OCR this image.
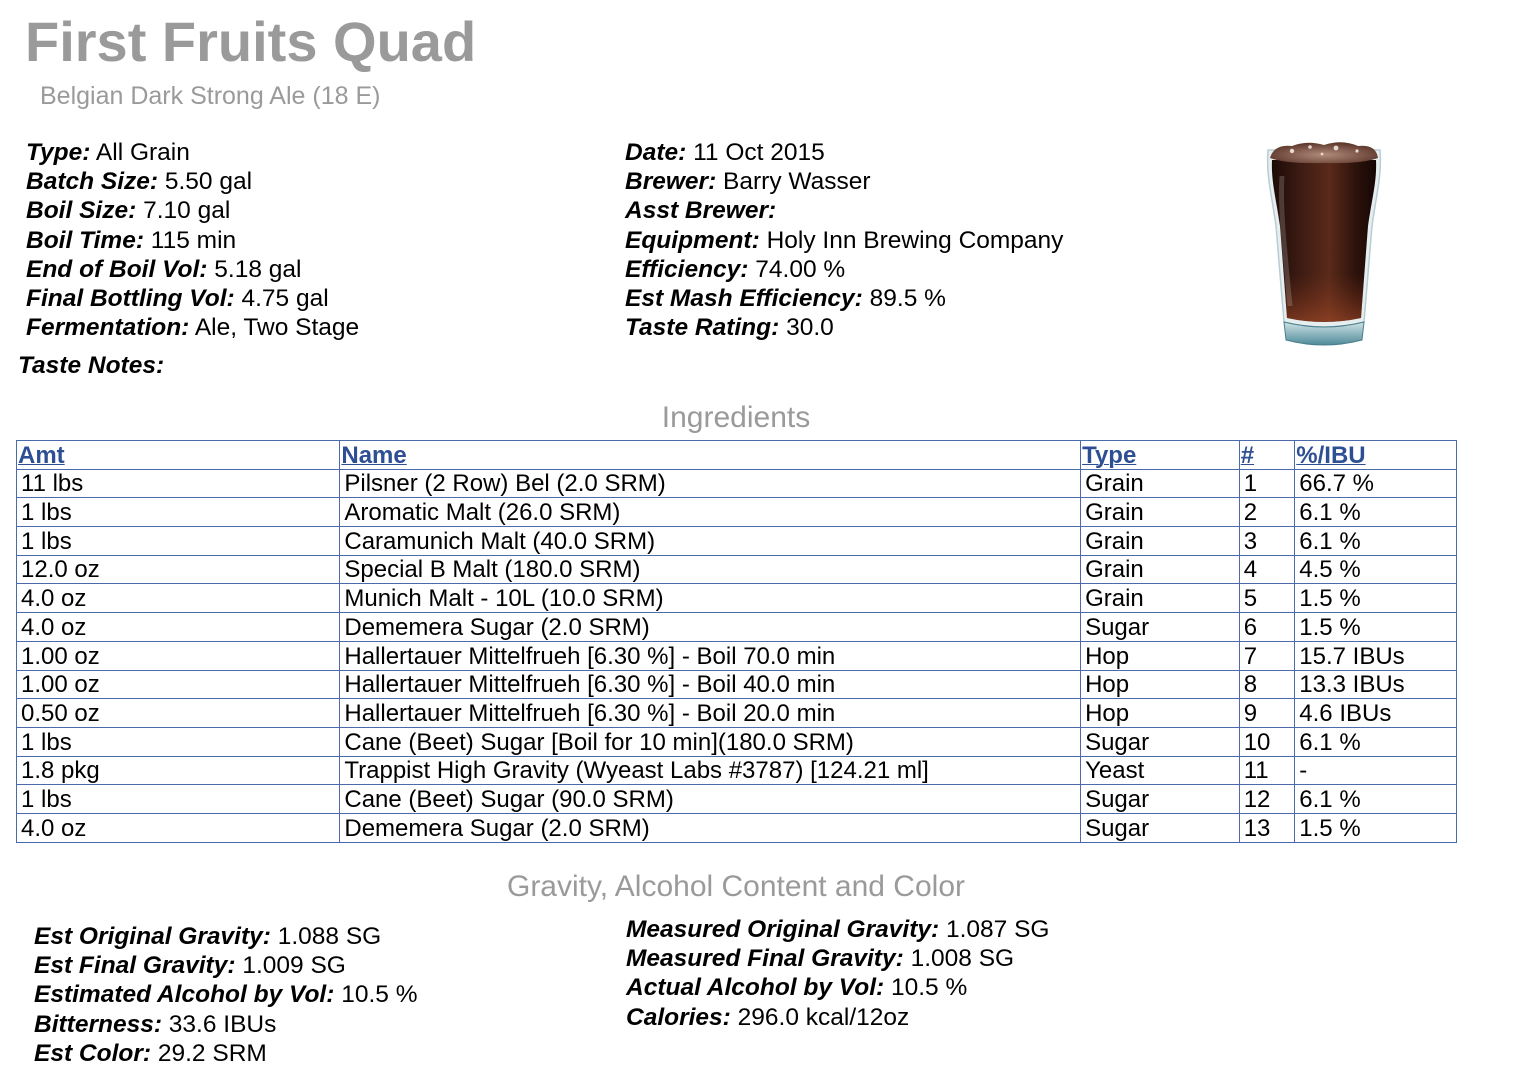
First Fruits Quad
Belgian Dark Strong Ale (18 E)
Type: All Grain
Batch Size: 5.50 gal
Boil Size: 7.10 gal
Boil Time: 115 min
End of Boil Vol: 5.18 gal
Final Bottling Vol: 4.75 gal
Fermentation: Ale, Two Stage
Date: 11 Oct 2015
Brewer: Barry Wasser
Asst Brewer:
Equipment: Holy Inn Brewing Company
Efficiency: 74.00 %
Est Mash Efficiency: 89.5 %
Taste Rating: 30.0
Taste Notes:
Ingredients
Amt	Name	Type	#	%/IBU
11 lbs	Pilsner (2 Row) Bel (2.0 SRM)	Grain	1	66.7 %
1 lbs	Aromatic Malt (26.0 SRM)	Grain	2	6.1 %
1 lbs	Caramunich Malt (40.0 SRM)	Grain	3	6.1 %
12.0 oz	Special B Malt (180.0 SRM)	Grain	4	4.5 %
4.0 oz	Munich Malt - 10L (10.0 SRM)	Grain	5	1.5 %
4.0 oz	Dememera Sugar (2.0 SRM)	Sugar	6	1.5 %
1.00 oz	Hallertauer Mittelfrueh [6.30 %] - Boil 70.0 min	Hop	7	15.7 IBUs
1.00 oz	Hallertauer Mittelfrueh [6.30 %] - Boil 40.0 min	Hop	8	13.3 IBUs
0.50 oz	Hallertauer Mittelfrueh [6.30 %] - Boil 20.0 min	Hop	9	4.6 IBUs
1 lbs	Cane (Beet) Sugar [Boil for 10 min](180.0 SRM)	Sugar	10	6.1 %
1.8 pkg	Trappist High Gravity (Wyeast Labs #3787) [124.21 ml]	Yeast	11	-
1 lbs	Cane (Beet) Sugar (90.0 SRM)	Sugar	12	6.1 %
4.0 oz	Dememera Sugar (2.0 SRM)	Sugar	13	1.5 %
Gravity, Alcohol Content and Color
Est Original Gravity: 1.088 SG
Est Final Gravity: 1.009 SG
Estimated Alcohol by Vol: 10.5 %
Bitterness: 33.6 IBUs
Est Color: 29.2 SRM
Measured Original Gravity: 1.087 SG
Measured Final Gravity: 1.008 SG
Actual Alcohol by Vol: 10.5 %
Calories: 296.0 kcal/12oz
